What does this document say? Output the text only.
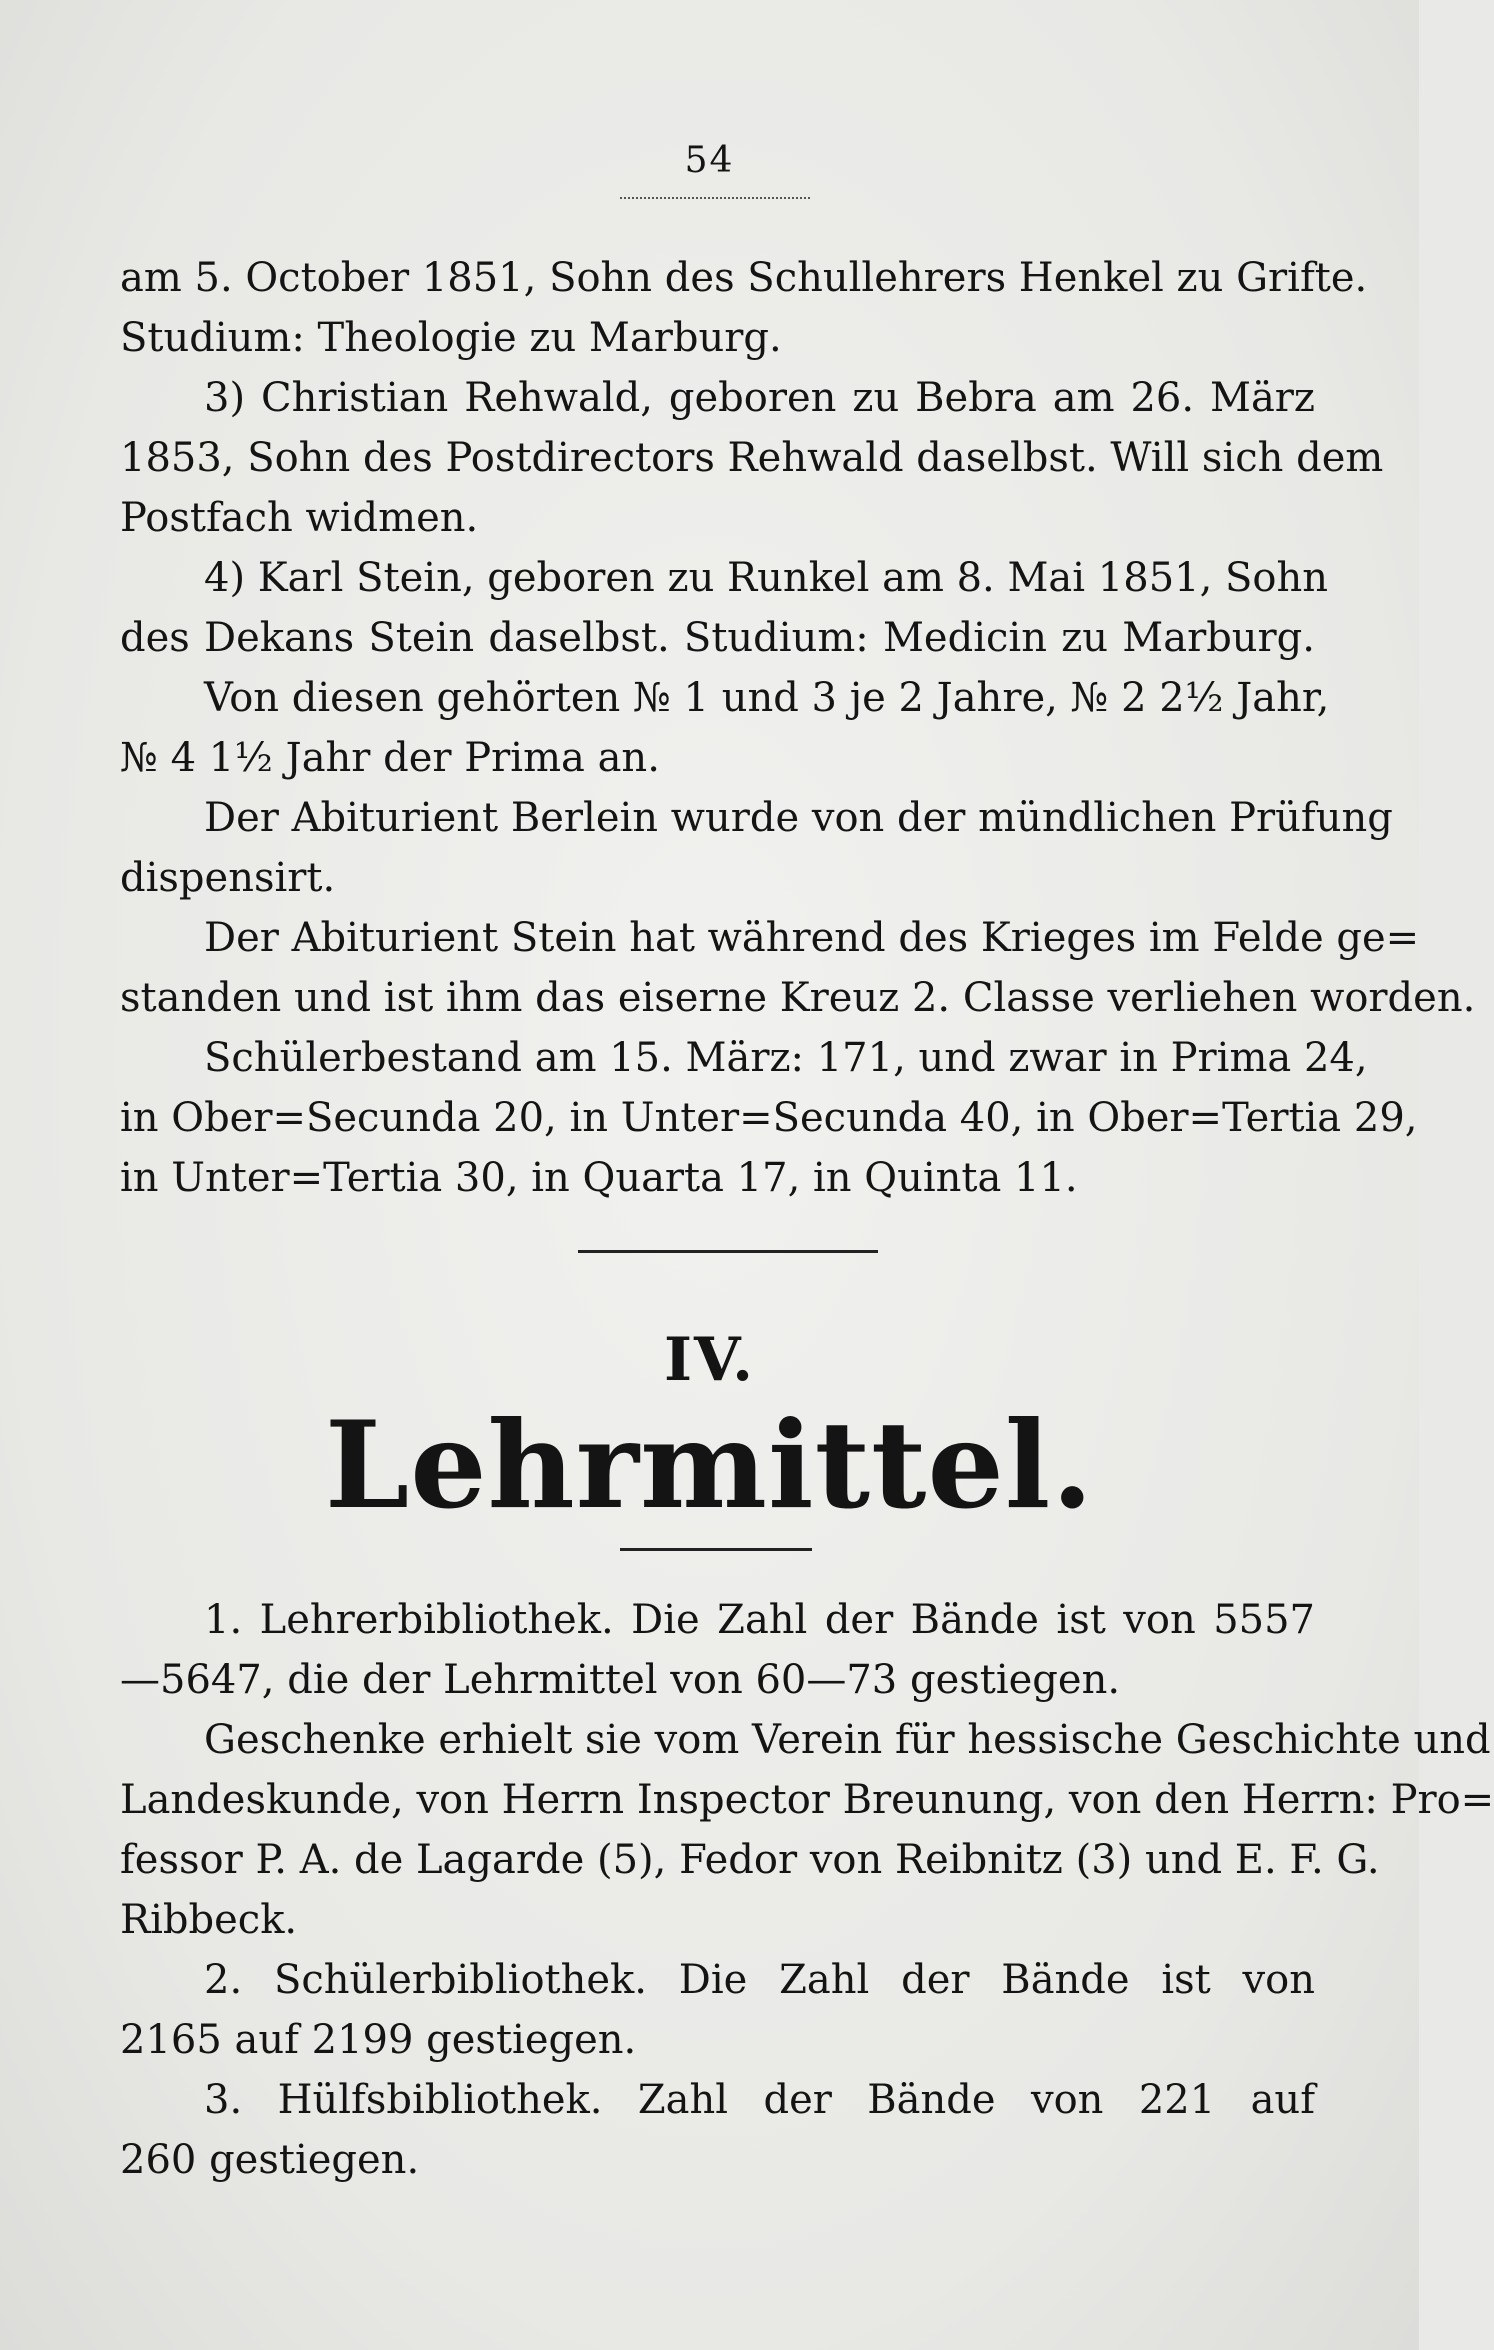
54
am 5. October 1851, Sohn des Schullehrers Henkel zu Grifte.
Studium: Theologie zu Marburg.
3) Christian Rehwald, geboren zu Bebra am 26. März
1853, Sohn des Postdirectors Rehwald daselbst. Will sich dem
Postfach widmen.
4) Karl Stein, geboren zu Runkel am 8. Mai 1851, Sohn
des Dekans Stein daselbst. Studium: Medicin zu Marburg.
Von diesen gehörten № 1 und 3 je 2 Jahre, № 2 2½ Jahr,
№ 4 1½ Jahr der Prima an.
Der Abiturient Berlein wurde von der mündlichen Prüfung
dispensirt.
Der Abiturient Stein hat während des Krieges im Felde ge=
standen und ist ihm das eiserne Kreuz 2. Classe verliehen worden.
Schülerbestand am 15. März: 171, und zwar in Prima 24,
in Ober=Secunda 20, in Unter=Secunda 40, in Ober=Tertia 29,
in Unter=Tertia 30, in Quarta 17, in Quinta 11.
IV.
Lehrmittel.
1. Lehrerbibliothek. Die Zahl der Bände ist von 5557
—5647, die der Lehrmittel von 60—73 gestiegen.
Geschenke erhielt sie vom Verein für hessische Geschichte und
Landeskunde, von Herrn Inspector Breunung, von den Herrn: Pro=
fessor P. A. de Lagarde (5), Fedor von Reibnitz (3) und E. F. G.
Ribbeck.
2. Schülerbibliothek. Die Zahl der Bände ist von
2165 auf 2199 gestiegen.
3. Hülfsbibliothek. Zahl der Bände von 221 auf
260 gestiegen.
